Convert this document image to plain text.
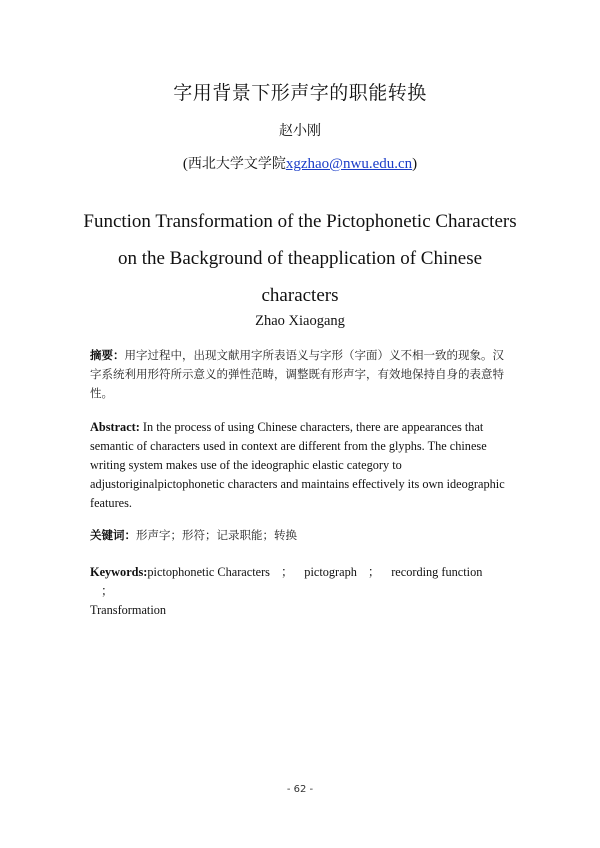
字用背景下形声字的职能转换
赵小刚
(西北大学文学院xgzhao@nwu.edu.cn)
Function Transformation of the Pictophonetic Characters
on the Background of theapplication of Chinese
characters
Zhao Xiaogang
摘要：用字过程中，出现文献用字所表语义与字形（字面）义不相一致的现象。汉字系统利用形符所示意义的弹性范畴，调整既有形声字，有效地保持自身的表意特性。
Abstract: In the process of using Chinese characters, there are appearances that semantic of characters used in context are different from the glyphs. The chinese writing system makes use of the ideographic elastic category to adjustoriginalpictophonetic characters and maintains effectively its own ideographic features.
关键词：形声字；形符；记录职能；转换
Keywords:pictophonetic Characters ； pictograph ； recording function；
Transformation
- 62 -
